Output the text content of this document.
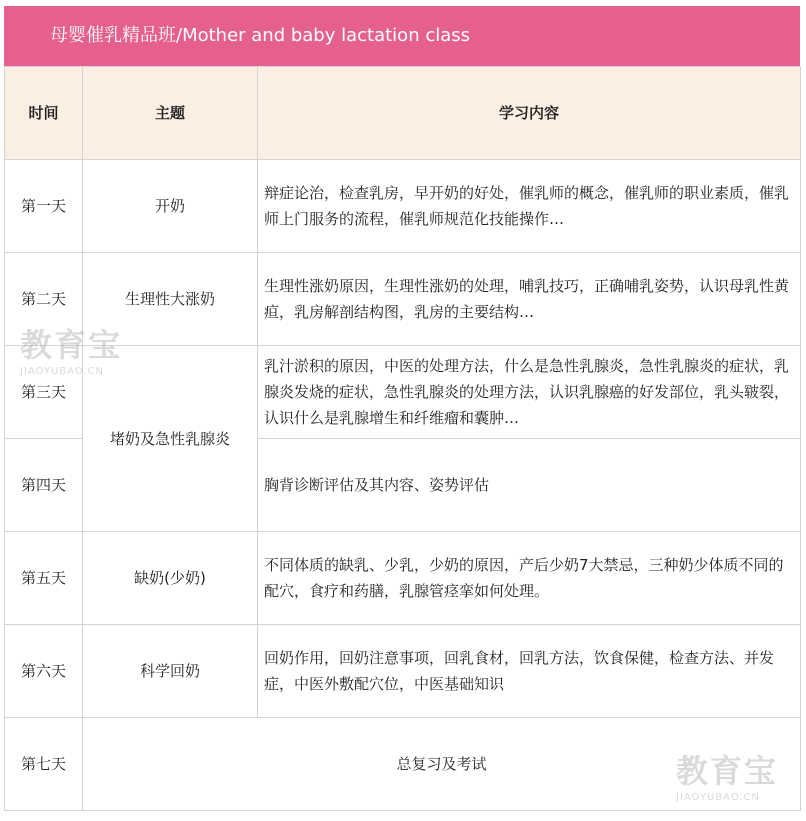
母婴催乳精品班/Mother and baby lactation class
时间	主题	学习内容
第一天	开奶	辩症论治，检查乳房，早开奶的好处，催乳师的概念，催乳师的职业素质，催乳师上门服务的流程，催乳师规范化技能操作…
第二天	生理性大涨奶	生理性涨奶原因，生理性涨奶的处理，哺乳技巧，正确哺乳姿势，认识母乳性黄疸，乳房解剖结构图，乳房的主要结构…
第三天	堵奶及急性乳腺炎	乳汁淤积的原因，中医的处理方法，什么是急性乳腺炎，急性乳腺炎的症状，乳腺炎发烧的症状，急性乳腺炎的处理方法，认识乳腺癌的好发部位，乳头皲裂，认识什么是乳腺增生和纤维瘤和囊肿…
第四天		胸背诊断评估及其内容、姿势评估
第五天	缺奶(少奶)	不同体质的缺乳、少乳，少奶的原因，产后少奶7大禁忌，三种奶少体质不同的配穴，食疗和药膳，乳腺管痉挛如何处理。
第六天	科学回奶	回奶作用，回奶注意事项，回乳食材，回乳方法，饮食保健，检查方法、并发症，中医外敷配穴位，中医基础知识
第七天	总复习及考试	
教育宝
JIAOYUBAO.CN
教育宝
JIAOYUBAO.CN
